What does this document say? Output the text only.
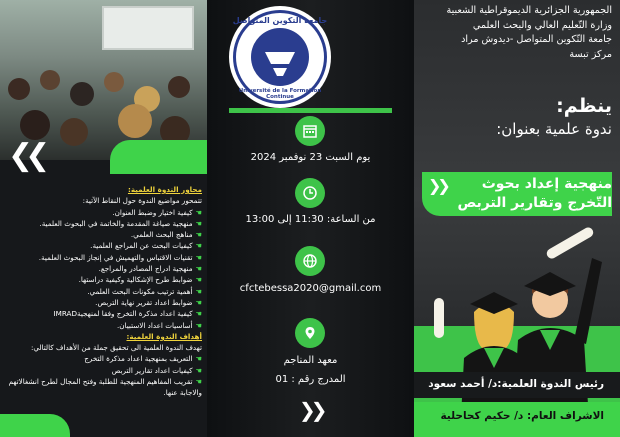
❮❮
محاور الندوة العلمية:
تتمحور مواضيع الندوة حول النقاط الآتية:
☚ كيفية اختيار وضبط العنوان.
☚ منهجية صياغة المقدمة والخاتمة في البحوث العلمية.
☚ مناهج البحث العلمي.
☚ كيفيات البحث عن المراجع العلمية.
☚ تقنيات الاقتباس والتهميش في إنجاز البحوث العلمية.
☚ منهجية ادراج المصادر والمراجع.
☚ ضوابط طرح الإشكالية وكيفية دراستها.
☚ أهمية ترتيب مكونات البحث العلمي.
☚ ضوابط اعداد تقرير نهاية التربص.
☚ كيفية اعداد مذكرة التخرج وفقا لمنهجيةIMRAD
☚ أساسيات اعداد الاستبيان.
أهداف الندوة العلمية:
تهدف الندوة العلمية الى تحقيق جملة من الأهداف كالتالي:
☚ التعريف بمنهجية اعداد مذكرة التخرج
☚ كيفيات اعداد تقارير التربص
☚ تقريب المفاهيم المنهجية للطلبة وفتح المجال لطرح انشغالاتهم والاجابة عنها.
جامعة التكوين المتواصل
Université de la Formation Continue
يوم السبت 23 نوفمبر 2024
من الساعة: 11:30 إلى 13:00
cfctebessa2020@gmail.com
معهد المناجم
المدرج رقم : 01
❯❯
الجمهورية الجزائرية الديموقراطية الشعبية
وزارة التّعليم العالي والبحث العلمي
جامعة التّكوين المتواصل -ديدوش مراد
مركز تبسة
ينظم:
ندوة علمية بعنوان:
❯❯	منهجية إعداد بحوث
التّخرج وتقارير التربص
رئيس الندوة العلمية:د/ أحمد سعود
الاشراف العام: د/ حكيم كحاحلية
